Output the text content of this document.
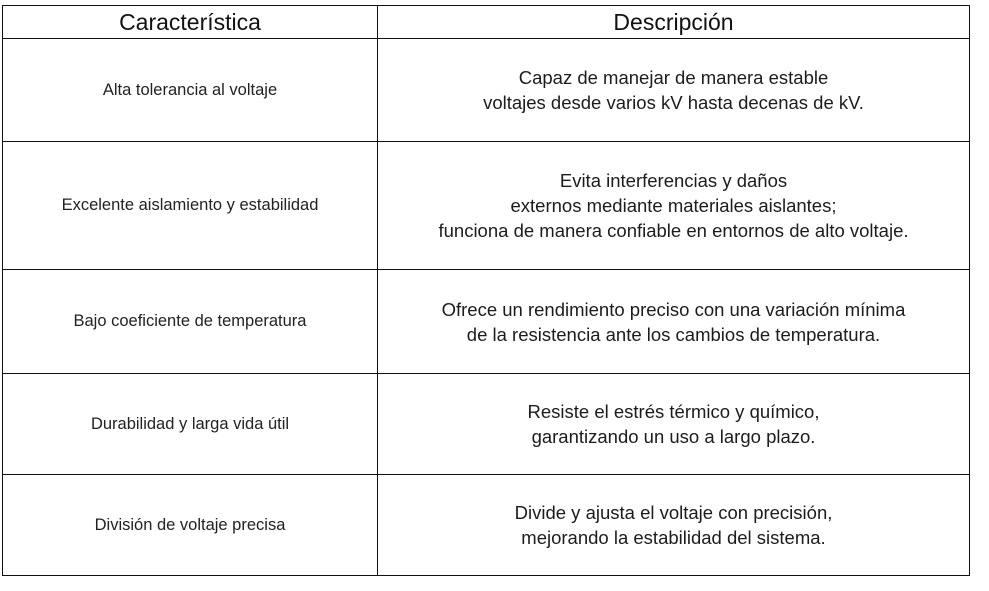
Característica	Descripción
Alta tolerancia al voltaje	Capaz de manejar de manera estable
voltajes desde varios kV hasta decenas de kV.

Excelente aislamiento y estabilidad	Evita interferencias y daños
externos mediante materiales aislantes;
funciona de manera confiable en entornos de alto voltaje.

Bajo coeficiente de temperatura	Ofrece un rendimiento preciso con una variación mínima
de la resistencia ante los cambios de temperatura.

Durabilidad y larga vida útil	Resiste el estrés térmico y químico,
garantizando un uso a largo plazo.

División de voltaje precisa	Divide y ajusta el voltaje con precisión,
mejorando la estabilidad del sistema.
